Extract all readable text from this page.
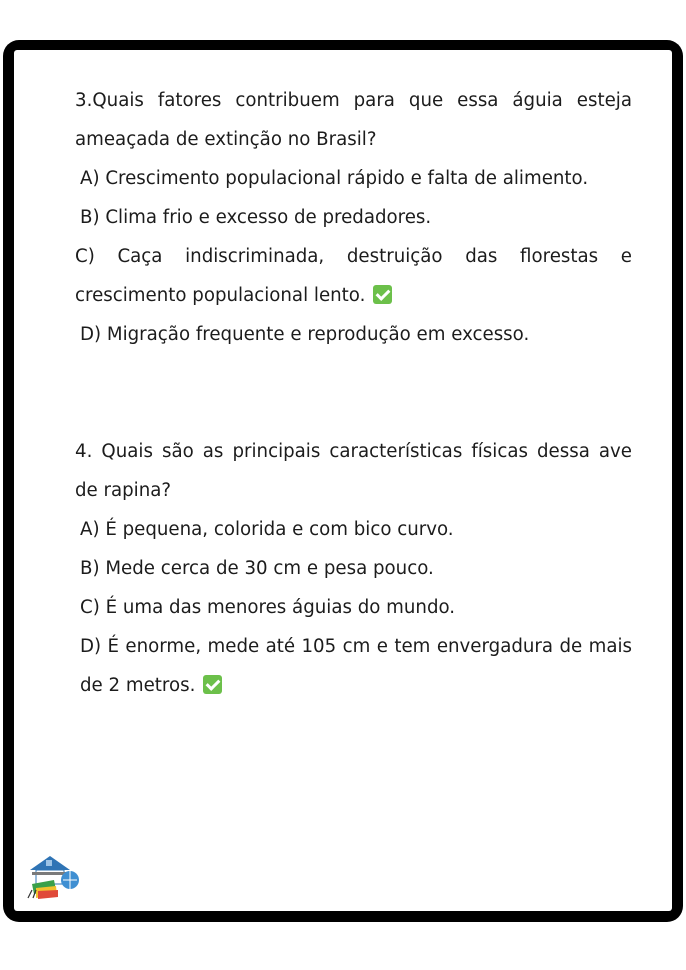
3.Quais fatores contribuem para que essa águia esteja ameaçada de extinção no Brasil?

A) Crescimento populacional rápido e falta de alimento.

B) Clima frio e excesso de predadores.

C) Caça indiscriminada, destruição das florestas e crescimento populacional lento.

D) Migração frequente e reprodução em excesso.

4. Quais são as principais características físicas dessa ave de rapina?

A) É pequena, colorida e com bico curvo.

B) Mede cerca de 30 cm e pesa pouco.

C) É uma das menores águias do mundo.

D) É enorme, mede até 105 cm e tem envergadura de mais de 2 metros.
